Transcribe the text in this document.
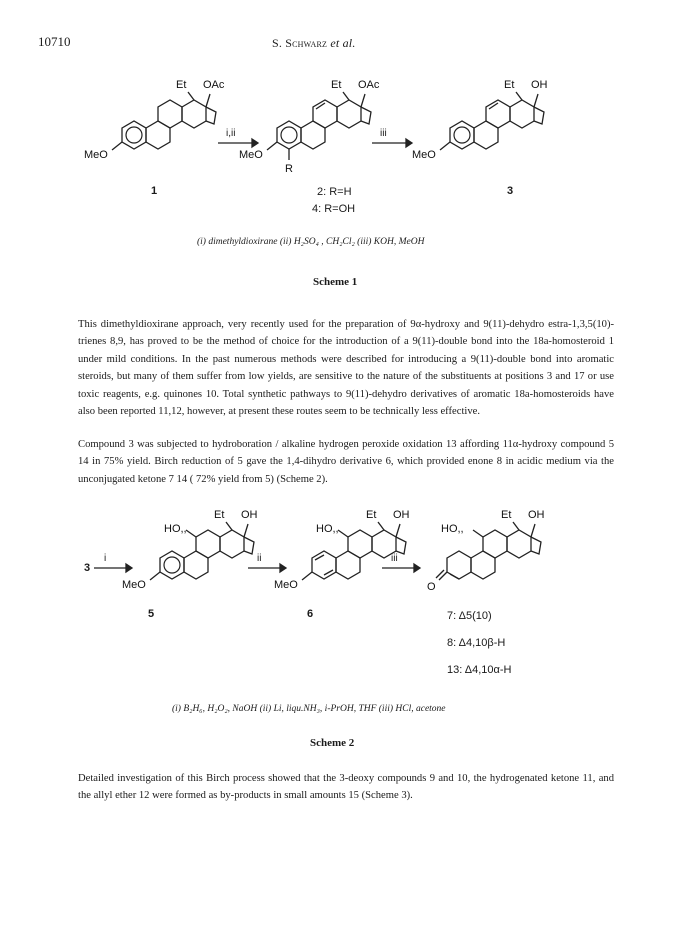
10710	S. Schwarz et al.
Et OAc
MeO
i,ii
Et OAc
MeO
R
iii
Et OH
MeO
1	2: R=H
4: R=OH
3
(i) dimethyldioxirane (ii) H₂SO₄ , CH₂Cl₂ (iii) KOH, MeOH
Scheme 1

This dimethyldioxirane approach, very recently used for the preparation of 9α-hydroxy and 9(11)-dehydro estra-1,3,5(10)-trienes 8,9, has proved to be the method of choice for the introduction of a 9(11)-double bond into the 18a-homosteroid 1 under mild conditions. In the past numerous methods were described for introducing a 9(11)-double bond into aromatic steroids, but many of them suffer from low yields, are sensitive to the nature of the substituents at positions 3 and 17 or use toxic reagents, e.g. quinones 10. Total synthetic pathways to 9(11)-dehydro derivatives of aromatic 18a-homosteroids have also been reported 11,12, however, at present these routes seem to be technically less effective.

Compound 3 was subjected to hydroboration / alkaline hydrogen peroxide oxidation 13 affording 11α-hydroxy compound 5 14 in 75% yield. Birch reduction of 5 gave the 1,4-dihydro derivative 6, which provided enone 8 in acidic medium via the unconjugated ketone 7 14 ( 72% yield from 5) (Scheme 2).

3
i
Et OH
HO,,
MeO
ii
Et OH
HO,,
MeO
iii
Et OH
HO,,
O
5	6	7: Δ5(10)
8: Δ4,10β-H
13: Δ4,10α-H
(i) B₂H₆, H₂O₂, NaOH (ii) Li, liqu.NH₃, i-PrOH, THF (iii) HCl, acetone
Scheme 2

Detailed investigation of this Birch process showed that the 3-deoxy compounds 9 and 10, the hydrogenated ketone 11, and the allyl ether 12 were formed as by-products in small amounts 15 (Scheme 3).
